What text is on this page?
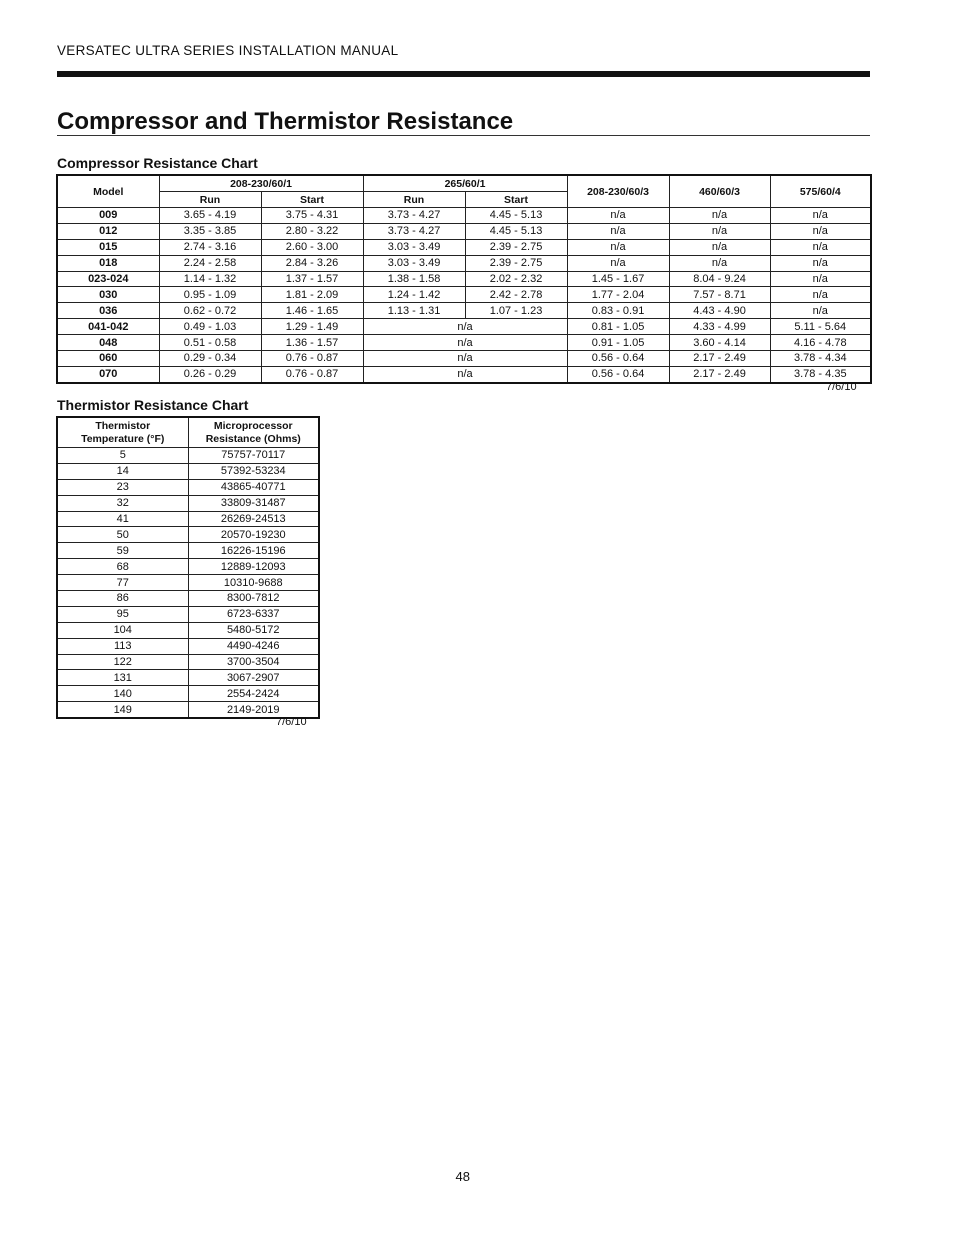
VERSATEC ULTRA SERIES INSTALLATION MANUAL
Compressor and Thermistor Resistance
Compressor Resistance Chart
Model	208-230/60/1		265/60/1		208-230/60/3	460/60/3	575/60/4
	Run	Start	Run	Start			
009	3.65 - 4.19	3.75 - 4.31	3.73 - 4.27	4.45 - 5.13	n/a	n/a	n/a
012	3.35 - 3.85	2.80 - 3.22	3.73 - 4.27	4.45 - 5.13	n/a	n/a	n/a
015	2.74 - 3.16	2.60 - 3.00	3.03 - 3.49	2.39 - 2.75	n/a	n/a	n/a
018	2.24 - 2.58	2.84 - 3.26	3.03 - 3.49	2.39 - 2.75	n/a	n/a	n/a
023-024	1.14 - 1.32	1.37 - 1.57	1.38 - 1.58	2.02 - 2.32	1.45 - 1.67	8.04 - 9.24	n/a
030	0.95 - 1.09	1.81 - 2.09	1.24 - 1.42	2.42 - 2.78	1.77 - 2.04	7.57 - 8.71	n/a
036	0.62 - 0.72	1.46 - 1.65	1.13 - 1.31	1.07 - 1.23	0.83 - 0.91	4.43 - 4.90	n/a
041-042	0.49 - 1.03	1.29 - 1.49	n/a		0.81 - 1.05	4.33 - 4.99	5.11 - 5.64
048	0.51 - 0.58	1.36 - 1.57	n/a		0.91 - 1.05	3.60 - 4.14	4.16 - 4.78
060	0.29 - 0.34	0.76 - 0.87	n/a		0.56 - 0.64	2.17 - 2.49	3.78 - 4.34
070	0.26 - 0.29	0.76 - 0.87	n/a		0.56 - 0.64	2.17 - 2.49	3.78 - 4.35
7/6/10
Thermistor Resistance Chart
Thermistor
Temperature (°F)	Microprocessor
Resistance (Ohms)
5	75757-70117
14	57392-53234
23	43865-40771
32	33809-31487
41	26269-24513
50	20570-19230
59	16226-15196
68	12889-12093
77	10310-9688
86	8300-7812
95	6723-6337
104	5480-5172
113	4490-4246
122	3700-3504
131	3067-2907
140	2554-2424
149	2149-2019
7/6/10
48
